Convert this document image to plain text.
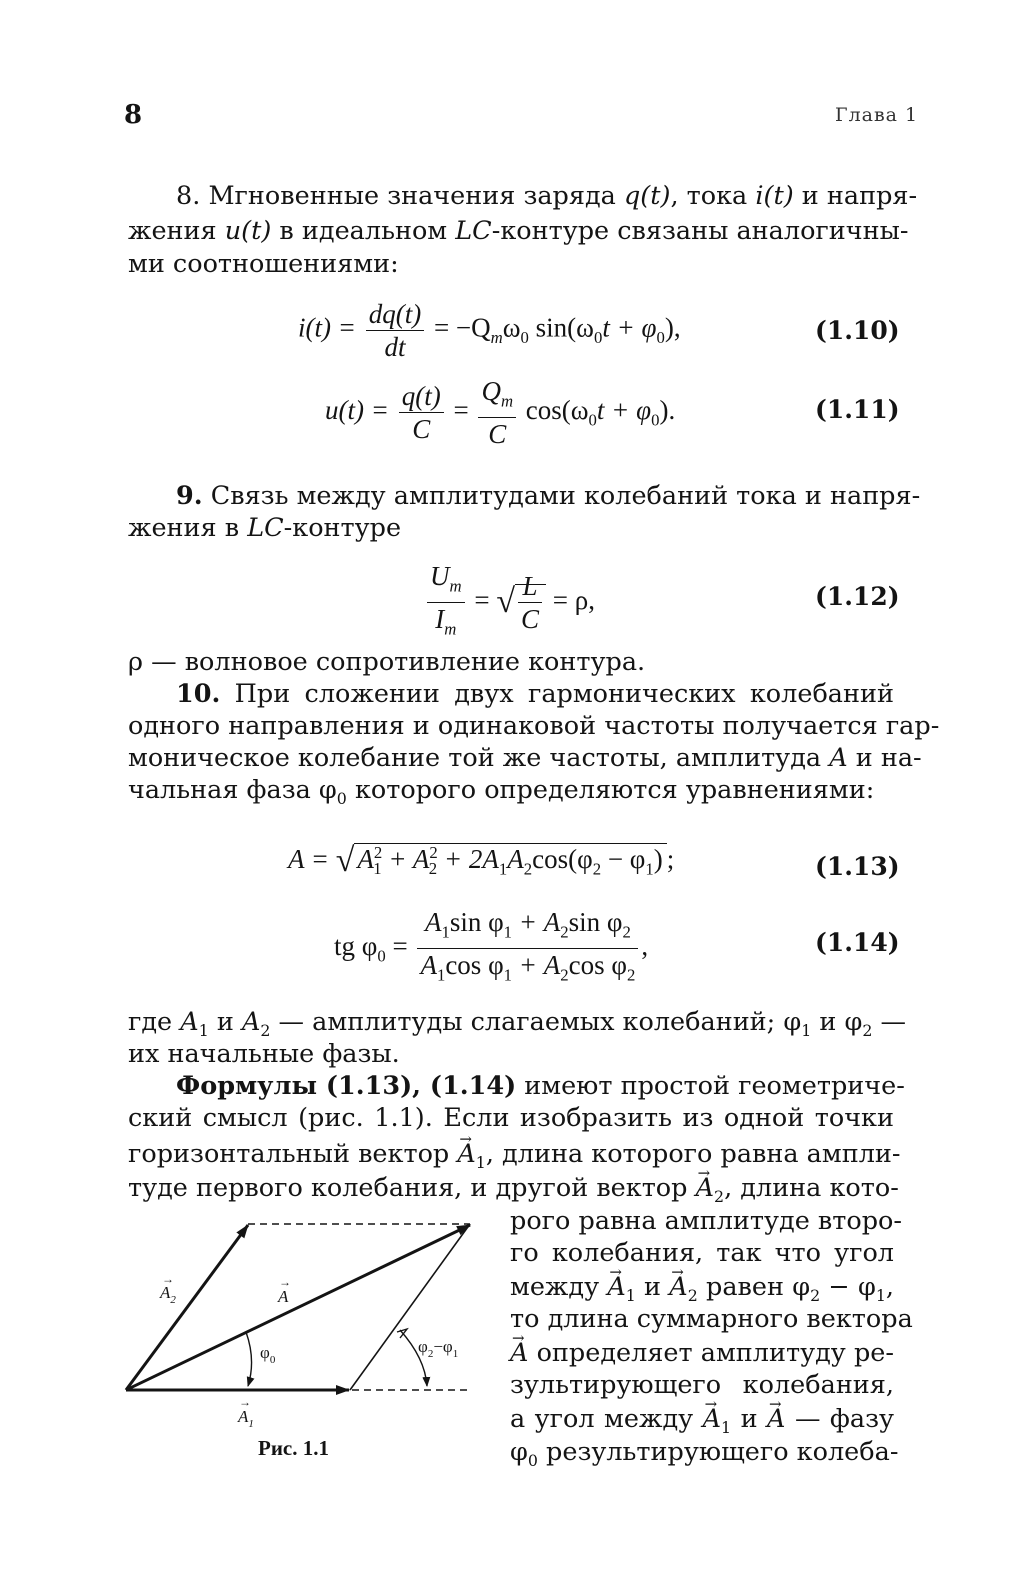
8	Глава 1
8. Мгновенные значения заряда q(t), тока i(t) и напря-
жения u(t) в идеальном LC-контуре связаны аналогичны-
ми соотношениями:
$i(t) = \frac{dq(t)}{dt} = -Q_m\omega_0$ $\sin(\omega_0t + \varphi_0)$,	(1.10)
$u(t) = \frac{q(t)}{C} = \frac{Q_m}{C} \cos(\omega_0t + \varphi_0)$.	(1.11)
9. Связь между амплитудами колебаний тока и напря-
жения в LC-контуре
$\frac{U_m}{I_m}$ = √ $\frac{L}{C} = \rho$,	(1.12)
ρ — волновое сопротивление контура.
10. При сложении двух гармонических колебаний
одного направления и одинаковой частоты получается гар-
моническое колебание той же частоты, амплитуда A и на-
чальная фаза $\varphi_0$ которого определяются уравнениями:
A = √ $A^2_1 + A^2_2 + 2A_1A_2\cos(\varphi_2 - \varphi_1)$ ;	(1.13)
tg $\varphi_0 = \frac{A_1\sin \varphi_1 + A_2\sin \varphi_2}{A_1\cos \varphi_1 + A_2\cos \varphi_2}$ ,	(1.14)
где $A_1$ и $A_2$ — амплитуды слагаемых колебаний; $\varphi_1$ и $\varphi_2$ —
их начальные фазы.
Формулы (1.13), (1.14) имеют простой геометриче-
ский смысл (рис. 1.1). Если изобразить из одной точки
горизонтальный вектор → $A_1$, длина которого равна ампли-
туде первого колебания, и другой вектор → $A_2$, длина кото-
рого равна амплитуде второ-
го колебания, так что угол
между → $A_1$ $и \to A_2$ равен $\varphi_2 - \varphi_1$,
то длина суммарного вектора
→ A определяет амплитуду ре-
зультирующего колебания,
а угол между → $A_1$ и → A — фазу
$\varphi_0$ результирующего колеба-
$A_2$
→
A
→
$A_1$
→
$\varphi_0$
$\varphi_2-\varphi_1$
Рис. 1.1
